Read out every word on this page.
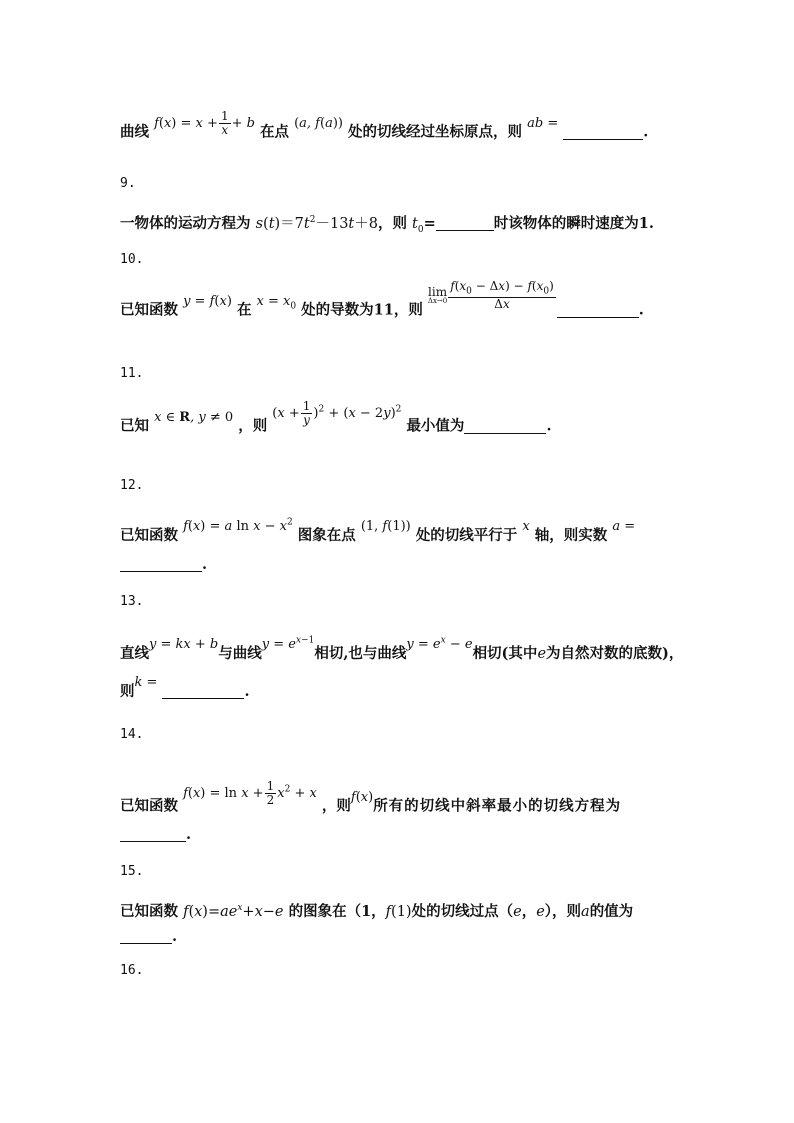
曲线 $f(x) = x + \frac{1}{x} + b$ 在点 (a, f(a)) 处的切线经过坐标原点，则 ab = .
9.
一物体的运动方程为 $s(t)=7t^2-13t+8$，则 $t_0=$	时该物体的瞬时速度为1.
10.
已知函数 y = f(x) 在 $x = x_0$ 处的导数为11，则
lim
$\Delta x\to 0 \frac{f(x_0 - \Delta x) - f(x_0)}{\Delta x}$	.
11.
已知 x ∈ R, y ≠ 0 ，则 $(x + \frac{1}{y} )^2 + (x - 2y)^2$ 最小值为	.
12.
已知函数 f(x) = a $\ln x - x^2$ 图象在点 (1, f(1)) 处的切线平行于 x 轴，则实数 a =
.
13.
直线y = kx + b与曲线$y = e^{x-1}$相切,也与曲线$y = e^x - e$相切(其中e为自然对数的底数)，
则k = .
14.
已知函数 $f(x) = \ln x + \frac{1}{2} x^2 + x$ ，则f(x)所有的切线中斜率最小的切线方程为
.
15.
已知函数 $f(x)=ae^x+x-e$ 的图象在（1，f(1)处的切线过点（e，e），则a的值为
.
16.
